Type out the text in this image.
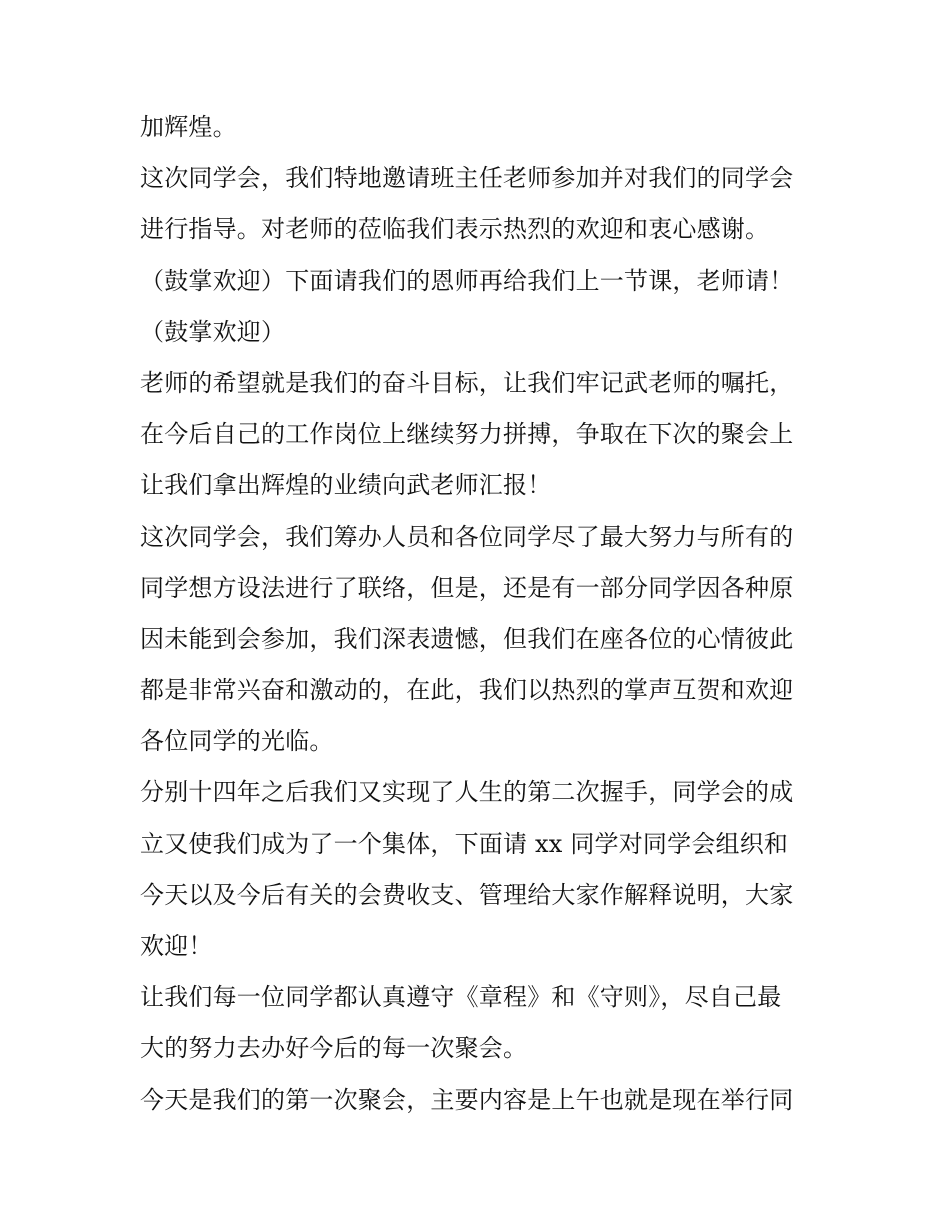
加辉煌。
这次同学会，我们特地邀请班主任老师参加并对我们的同学会
进行指导。对老师的莅临我们表示热烈的欢迎和衷心感谢。
（鼓掌欢迎）下面请我们的恩师再给我们上一节课，老师请！
（鼓掌欢迎）
老师的希望就是我们的奋斗目标，让我们牢记武老师的嘱托，
在今后自己的工作岗位上继续努力拼搏，争取在下次的聚会上
让我们拿出辉煌的业绩向武老师汇报！
这次同学会，我们筹办人员和各位同学尽了最大努力与所有的
同学想方设法进行了联络，但是，还是有一部分同学因各种原
因未能到会参加，我们深表遗憾，但我们在座各位的心情彼此
都是非常兴奋和激动的，在此，我们以热烈的掌声互贺和欢迎
各位同学的光临。
分别十四年之后我们又实现了人生的第二次握手，同学会的成
立又使我们成为了一个集体，下面请 xx 同学对同学会组织和
今天以及今后有关的会费收支、管理给大家作解释说明，大家
欢迎！
让我们每一位同学都认真遵守《章程》和《守则》，尽自己最
大的努力去办好今后的每一次聚会。
今天是我们的第一次聚会，主要内容是上午也就是现在举行同
